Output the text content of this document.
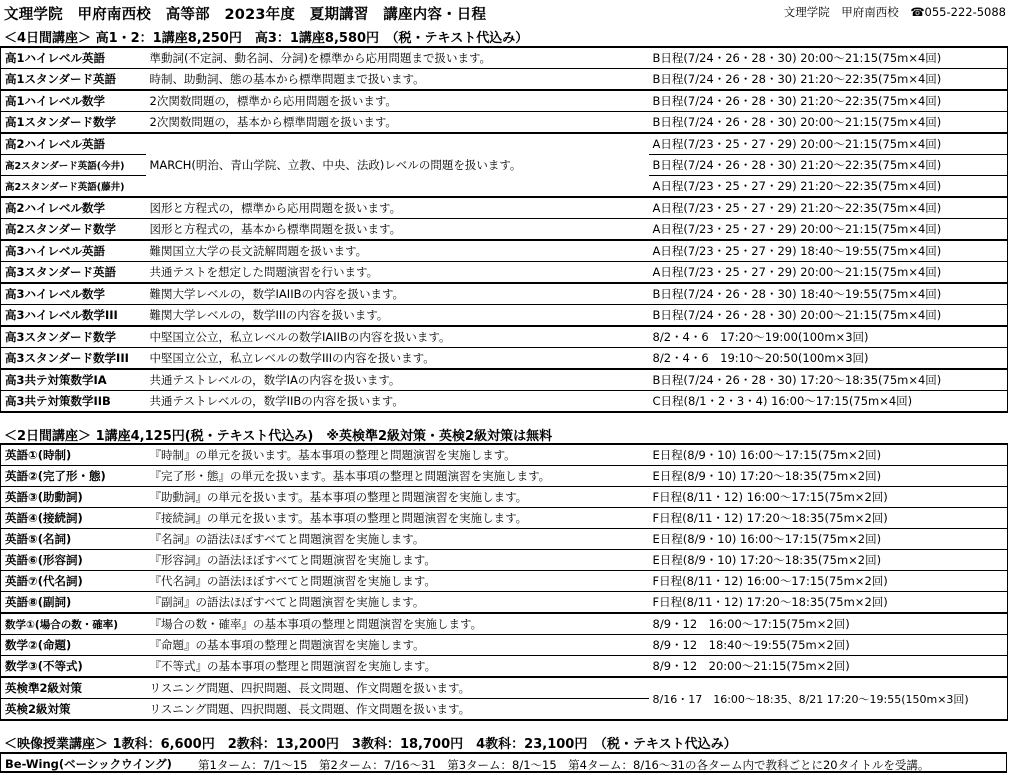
文理学院　甲府南西校　高等部　2023年度　夏期講習　講座内容・日程	文理学院　甲府南西校　 ☎055-222-5088
＜4日間講座＞ 高1・2：1講座8,250円　高3：1講座8,580円　（税・テキスト代込み）
高1ハイレベル英語	準動詞(不定詞、動名詞、分詞)を標準から応用問題まで扱います。	B日程(7/24・26・28・30) 20:00～21:15(75m×4回)
高1スタンダード英語	時制、助動詞、態の基本から標準問題まで扱います。	B日程(7/24・26・28・30) 21:20～22:35(75m×4回)
高1ハイレベル数学	2次関数問題の，標準から応用問題を扱います。	B日程(7/24・26・28・30) 21:20～22:35(75m×4回)
高1スタンダード数学	2次関数問題の，基本から標準問題を扱います。	B日程(7/24・26・28・30) 20:00～21:15(75m×4回)
高2ハイレベル英語	MARCH(明治、青山学院、立教、中央、法政)レベルの問題を扱います。	A日程(7/23・25・27・29) 20:00～21:15(75m×4回)
高2スタンダード英語(今井)		B日程(7/24・26・28・30) 21:20～22:35(75m×4回)
高2スタンダード英語(藤井)		A日程(7/23・25・27・29) 21:20～22:35(75m×4回)
高2ハイレベル数学	図形と方程式の，標準から応用問題を扱います。	A日程(7/23・25・27・29) 21:20～22:35(75m×4回)
高2スタンダード数学	図形と方程式の，基本から標準問題を扱います。	A日程(7/23・25・27・29) 20:00～21:15(75m×4回)
高3ハイレベル英語	難関国立大学の長文読解問題を扱います。	A日程(7/23・25・27・29) 18:40～19:55(75m×4回)
高3スタンダード英語	共通テストを想定した問題演習を行います。	A日程(7/23・25・27・29) 20:00～21:15(75m×4回)
高3ハイレベル数学	難関大学レベルの，数学IAIIBの内容を扱います。	B日程(7/24・26・28・30) 18:40～19:55(75m×4回)
高3ハイレベル数学III	難関大学レベルの，数学IIIの内容を扱います。	B日程(7/24・26・28・30) 20:00～21:15(75m×4回)
高3スタンダード数学	中堅国立公立，私立レベルの数学IAIIBの内容を扱います。	8/2・4・6　17:20～19:00(100m×3回)
高3スタンダード数学III	中堅国立公立，私立レベルの数学IIIの内容を扱います。	8/2・4・6　19:10～20:50(100m×3回)
高3共テ対策数学IA	共通テストレベルの，数学IAの内容を扱います。	B日程(7/24・26・28・30) 17:20～18:35(75m×4回)
高3共テ対策数学IIB	共通テストレベルの，数学IIBの内容を扱います。	C日程(8/1・2・3・4) 16:00～17:15(75m×4回)
＜2日間講座＞ 1講座4,125円(税・テキスト代込み)　※英検準2級対策・英検2級対策は無料
英語①(時制)	『時制』の単元を扱います。基本事項の整理と問題演習を実施します。	E日程(8/9・10) 16:00～17:15(75m×2回)
英語②(完了形・態)	『完了形・態』の単元を扱います。基本事項の整理と問題演習を実施します。	E日程(8/9・10) 17:20～18:35(75m×2回)
英語③(助動詞)	『助動詞』の単元を扱います。基本事項の整理と問題演習を実施します。	F日程(8/11・12) 16:00～17:15(75m×2回)
英語④(接続詞)	『接続詞』の単元を扱います。基本事項の整理と問題演習を実施します。	F日程(8/11・12) 17:20～18:35(75m×2回)
英語⑤(名詞)	『名詞』の語法ほぼすべてと問題演習を実施します。	E日程(8/9・10) 16:00～17:15(75m×2回)
英語⑥(形容詞)	『形容詞』の語法ほぼすべてと問題演習を実施します。	E日程(8/9・10) 17:20～18:35(75m×2回)
英語⑦(代名詞)	『代名詞』の語法ほぼすべてと問題演習を実施します。	F日程(8/11・12) 16:00～17:15(75m×2回)
英語⑧(副詞)	『副詞』の語法ほぼすべてと問題演習を実施します。	F日程(8/11・12) 17:20～18:35(75m×2回)
数学①(場合の数・確率)	『場合の数・確率』の基本事項の整理と問題演習を実施します。	8/9・12　16:00～17:15(75m×2回)
数学②(命題)	『命題』の基本事項の整理と問題演習を実施します。	8/9・12　18:40～19:55(75m×2回)
数学③(不等式)	『不等式』の基本事項の整理と問題演習を実施します。	8/9・12　20:00～21:15(75m×2回)
英検準2級対策	リスニング問題、四択問題、長文問題、作文問題を扱います。	8/16・17　16:00～18:35、8/21 17:20～19:55(150m×3回)
英検2級対策	リスニング問題、四択問題、長文問題、作文問題を扱います。	
＜映像授業講座＞ 1教科：6,600円　2教科：13,200円　3教科：18,700円　4教科：23,100円　（税・テキスト代込み）
Be-Wing(ベーシックウイング) 第1ターム：7/1～15　第2ターム：7/16～31　第3ターム：8/1～15　第4ターム：8/16～31の各ターム内で教科ごとに20タイトルを受講。
